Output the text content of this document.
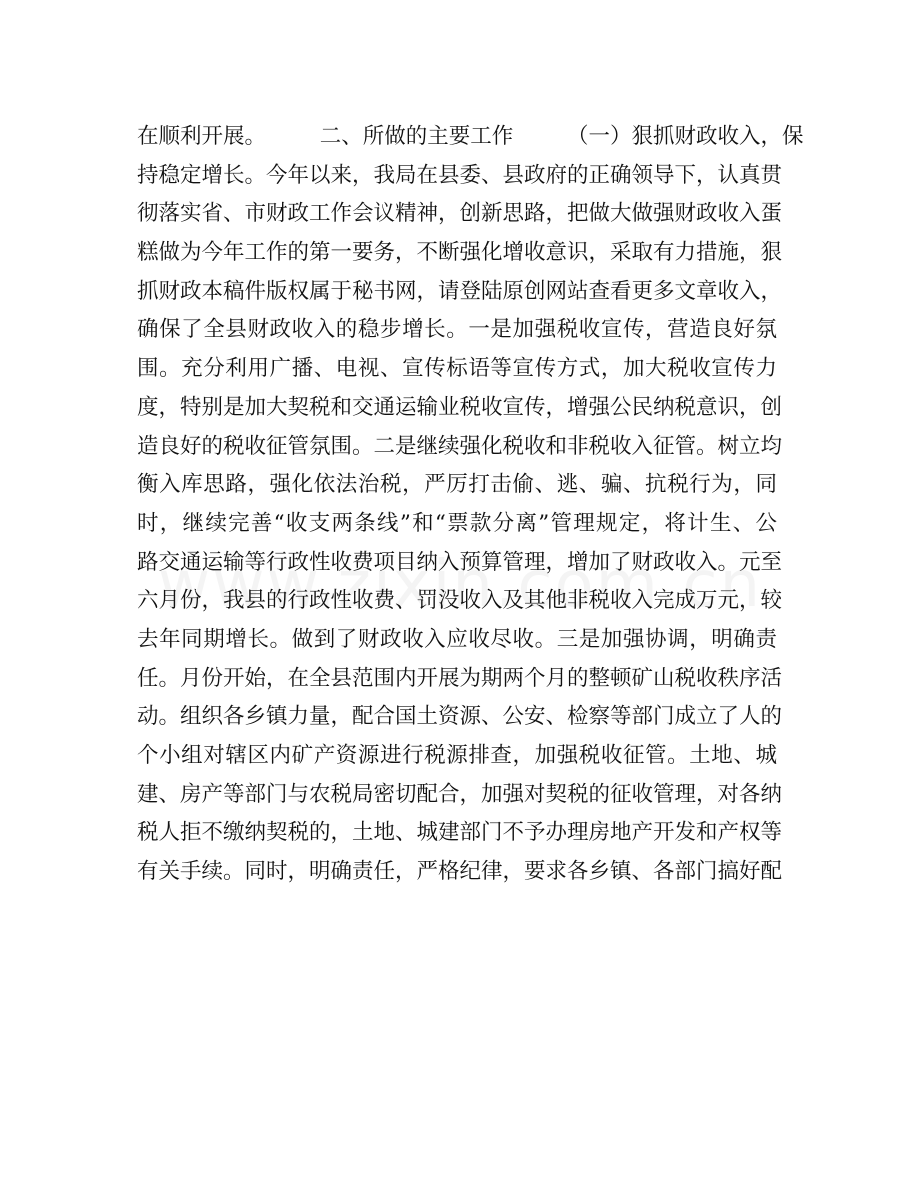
在顺利开展。　　　二、所做的主要工作　　　（一）狠抓财政收入，保
持稳定增长。今年以来，我局在县委、县政府的正确领导下，认真贯
彻落实省、市财政工作会议精神，创新思路，把做大做强财政收入蛋
糕做为今年工作的第一要务，不断强化增收意识，采取有力措施，狠
抓财政本稿件版权属于秘书网，请登陆原创网站查看更多文章收入，
确保了全县财政收入的稳步增长。一是加强税收宣传，营造良好氛
围。充分利用广播、电视、宣传标语等宣传方式，加大税收宣传力
度，特别是加大契税和交通运输业税收宣传，增强公民纳税意识，创
造良好的税收征管氛围。二是继续强化税收和非税收入征管。树立均
衡入库思路，强化依法治税，严厉打击偷、逃、骗、抗税行为，同
时，继续完善“收支两条线”和“票款分离”管理规定，将计生、公
路交通运输等行政性收费项目纳入预算管理，增加了财政收入。元至
六月份，我县的行政性收费、罚没收入及其他非税收入完成万元，较
去年同期增长。做到了财政收入应收尽收。三是加强协调，明确责
任。月份开始，在全县范围内开展为期两个月的整顿矿山税收秩序活
动。组织各乡镇力量，配合国土资源、公安、检察等部门成立了人的
个小组对辖区内矿产资源进行税源排查，加强税收征管。土地、城
建、房产等部门与农税局密切配合，加强对契税的征收管理，对各纳
税人拒不缴纳契税的，土地、城建部门不予办理房地产开发和产权等
有关手续。同时，明确责任，严格纪律，要求各乡镇、各部门搞好配
